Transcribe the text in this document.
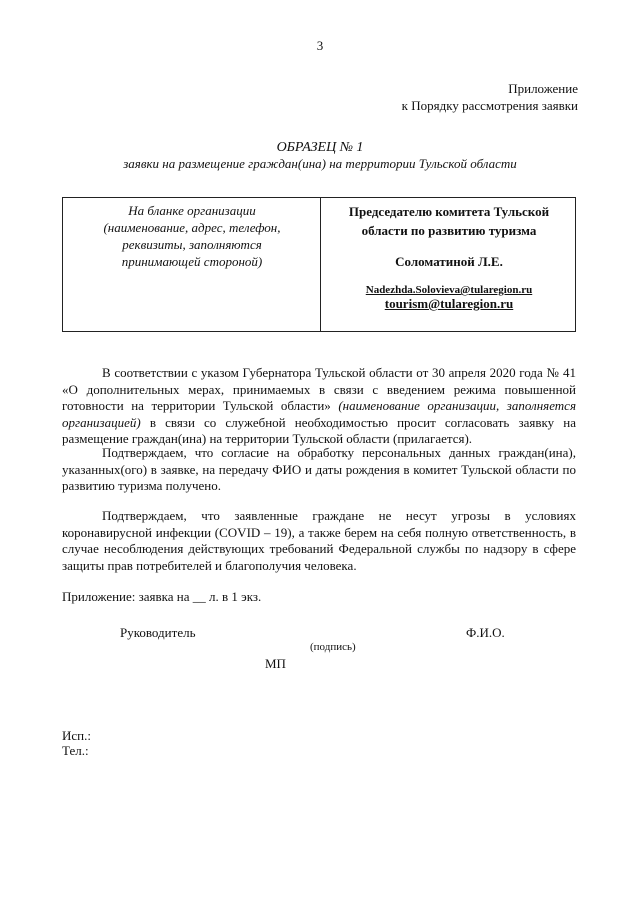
3
Приложение
к Порядку рассмотрения заявки
ОБРАЗЕЦ № 1
заявки на размещение граждан(ина) на территории Тульской области
На бланке организации
(наименование, адрес, телефон,
реквизиты, заполняются
принимающей стороной)

Председателю комитета Тульской

области по развитию туризма

Соломатиной Л.Е.

Nadezhda.Solovieva@tularegion.ru

tourism@tularegion.ru

В соответствии с указом Губернатора Тульской области от 30 апреля 2020 года № 41 «О дополнительных мерах, принимаемых в связи с введением режима повышенной готовности на территории Тульской области» (наименование организации, заполняется организацией) в связи со служебной необходимостью просит согласовать заявку на размещение граждан(ина) на территории Тульской области (прилагается).

Подтверждаем, что согласие на обработку персональных данных граждан(ина), указанных(ого) в заявке, на передачу ФИО и даты рождения в комитет Тульской области по развитию туризма получено.

Подтверждаем, что заявленные граждане не несут угрозы в условиях коронавирусной инфекции (COVID – 19), а также берем на себя полную ответственность, в случае несоблюдения действующих требований Федеральной службы по надзору в сфере защиты прав потребителей и благополучия человека.

Приложение: заявка на __ л. в 1 экз.

Руководитель	Ф.И.О.
(подпись)
МП
Исп.:
Тел.:
